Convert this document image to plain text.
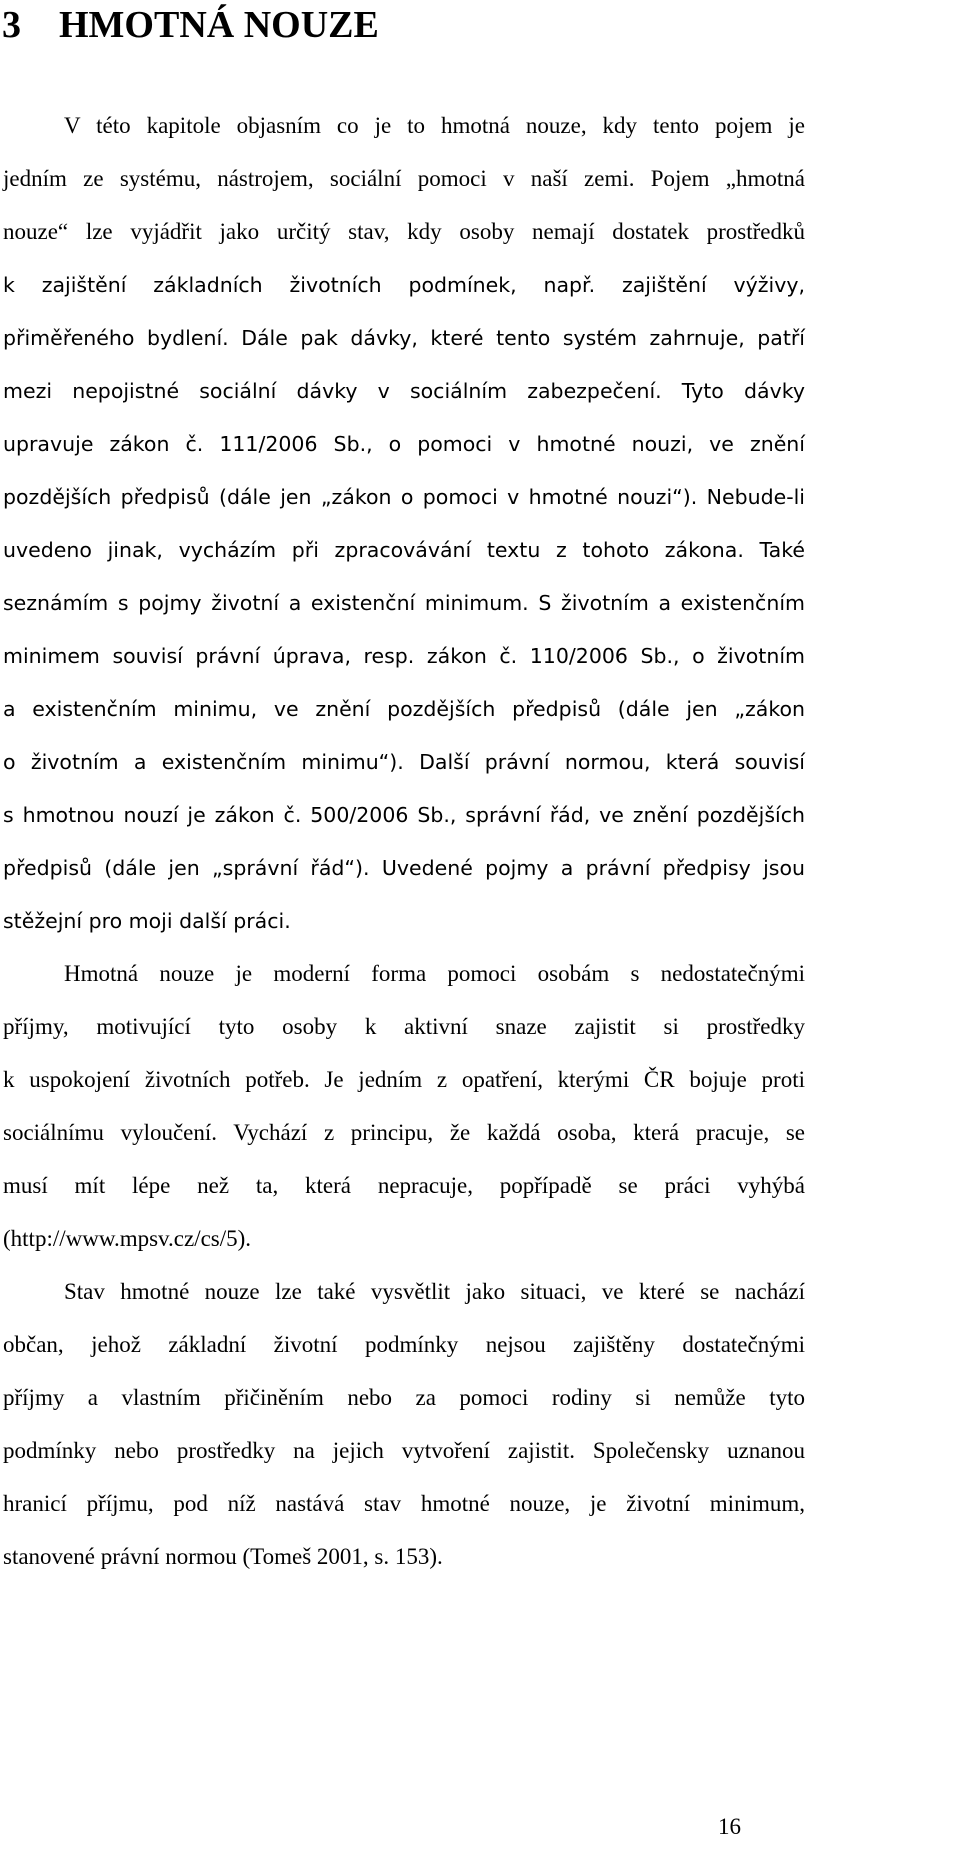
3 HMOTNÁ NOUZE

V této kapitole objasním co je to hmotná nouze, kdy tento pojem je

jedním ze systému, nástrojem, sociální pomoci v naší zemi. Pojem „hmotná

nouze“ lze vyjádřit jako určitý stav, kdy osoby nemají dostatek prostředků

k zajištění základních životních podmínek, např. zajištění výživy,

přiměřeného bydlení. Dále pak dávky, které tento systém zahrnuje, patří

mezi nepojistné sociální dávky v sociálním zabezpečení. Tyto dávky

upravuje zákon č. 111/2006 Sb., o pomoci v hmotné nouzi, ve znění

pozdějších předpisů (dále jen „zákon o pomoci v hmotné nouzi“). Nebude-li

uvedeno jinak, vycházím při zpracovávání textu z tohoto zákona. Také

seznámím s pojmy životní a existenční minimum. S životním a existenčním

minimem souvisí právní úprava, resp. zákon č. 110/2006 Sb., o životním

a existenčním minimu, ve znění pozdějších předpisů (dále jen „zákon

o životním a existenčním minimu“). Další právní normou, která souvisí

s hmotnou nouzí je zákon č. 500/2006 Sb., správní řád, ve znění pozdějších

předpisů (dále jen „správní řád“). Uvedené pojmy a právní předpisy jsou

stěžejní pro moji další práci.

Hmotná nouze je moderní forma pomoci osobám s nedostatečnými

příjmy, motivující tyto osoby k aktivní snaze zajistit si prostředky

k uspokojení životních potřeb. Je jedním z opatření, kterými ČR bojuje proti

sociálnímu vyloučení. Vychází z principu, že každá osoba, která pracuje, se

musí mít lépe než ta, která nepracuje, popřípadě se práci vyhýbá

(http://www.mpsv.cz/cs/5).

Stav hmotné nouze lze také vysvětlit jako situaci, ve které se nachází

občan, jehož základní životní podmínky nejsou zajištěny dostatečnými

příjmy a vlastním přičiněním nebo za pomoci rodiny si nemůže tyto

podmínky nebo prostředky na jejich vytvoření zajistit. Společensky uznanou

hranicí příjmu, pod níž nastává stav hmotné nouze, je životní minimum,

stanovené právní normou (Tomeš 2001, s. 153).

16
